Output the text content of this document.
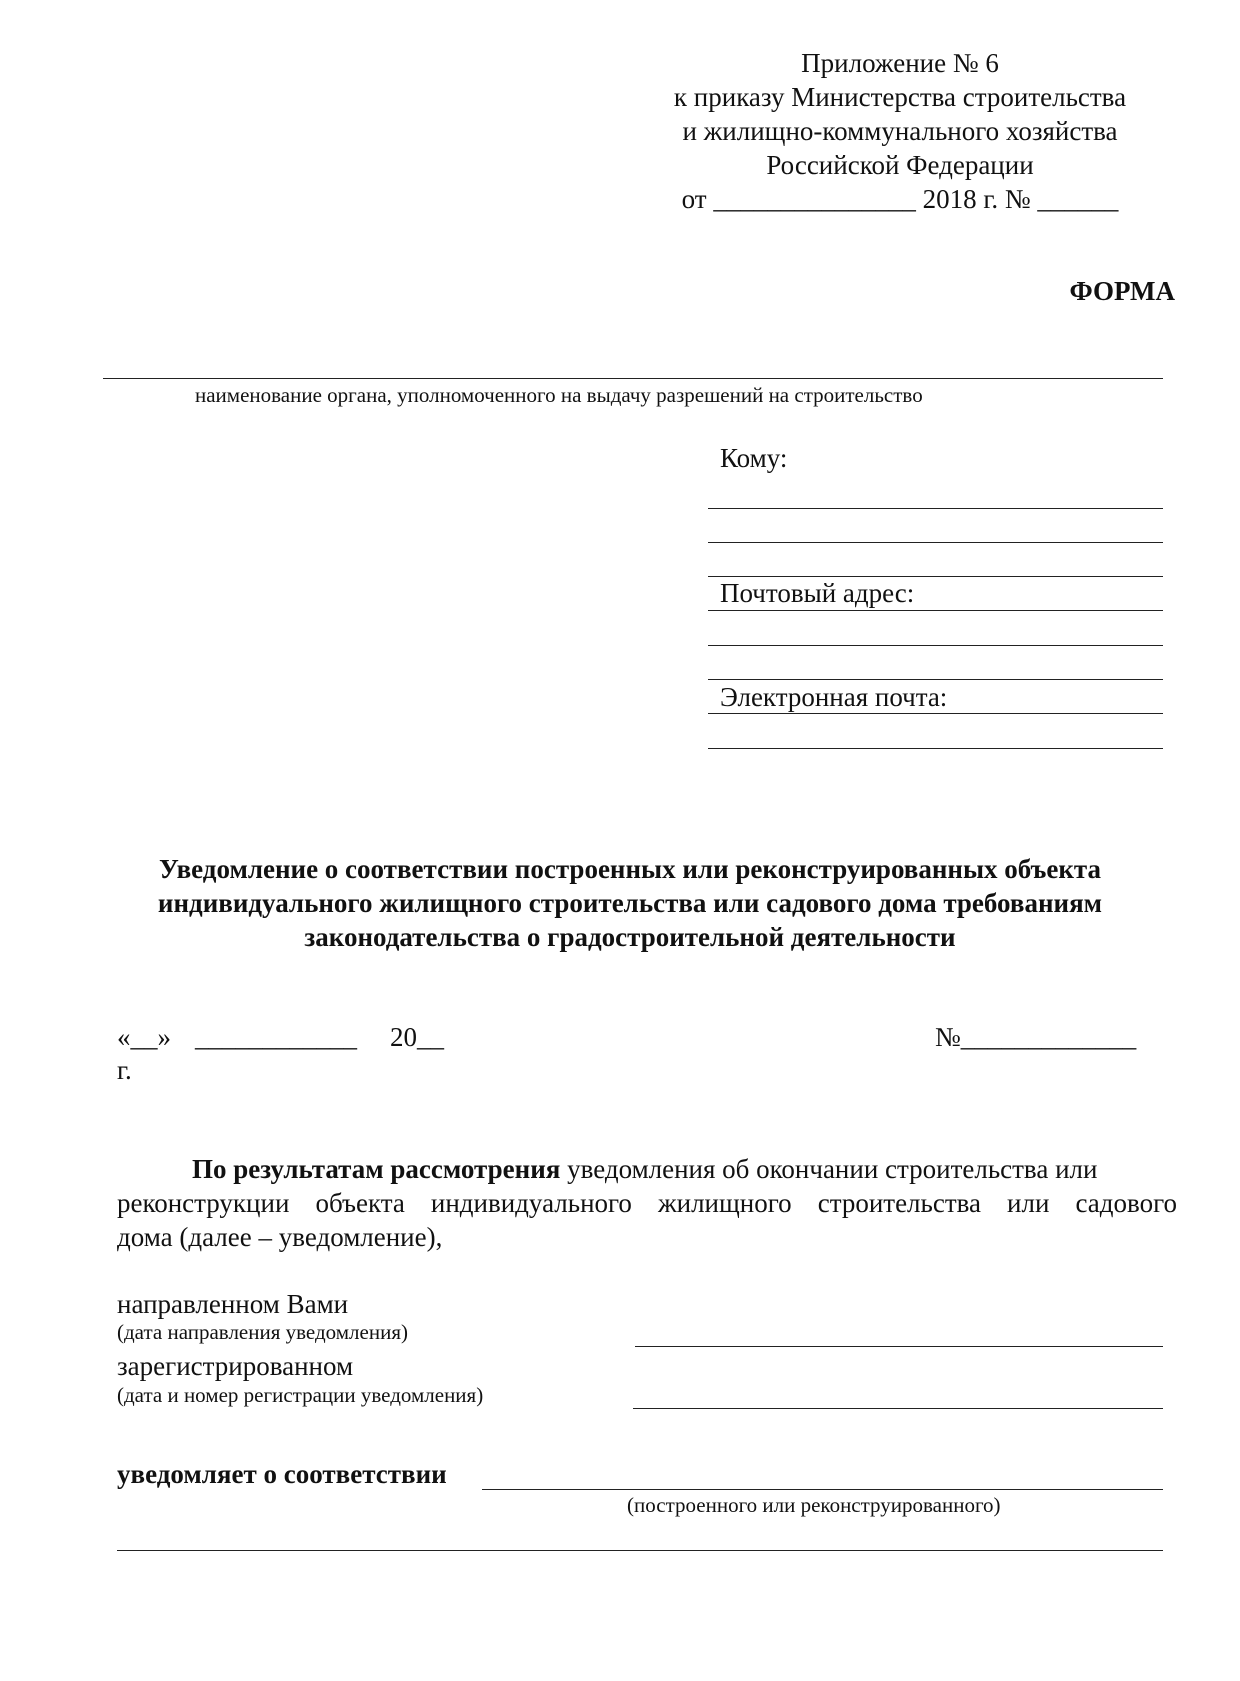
Приложение № 6
к приказу Министерства строительства
и жилищно-коммунального хозяйства
Российской Федерации
от _______________ 2018 г. № ______
ФОРМА
наименование органа, уполномоченного на выдачу разрешений на строительство
Кому:
Почтовый адрес:
Электронная почта:
Уведомление о соответствии построенных или реконструированных объекта
индивидуального жилищного строительства или садового дома требованиям
законодательства о градостроительной деятельности
«__» ____________ 20__
г.
№_____________
По результатам рассмотрения уведомления об окончании строительства или
реконструкции объекта индивидуального жилищного строительства или садового
дома (далее – уведомление),
направленном Вами
(дата направления уведомления)
зарегистрированном
(дата и номер регистрации уведомления)
уведомляет о соответствии
(построенного или реконструированного)
